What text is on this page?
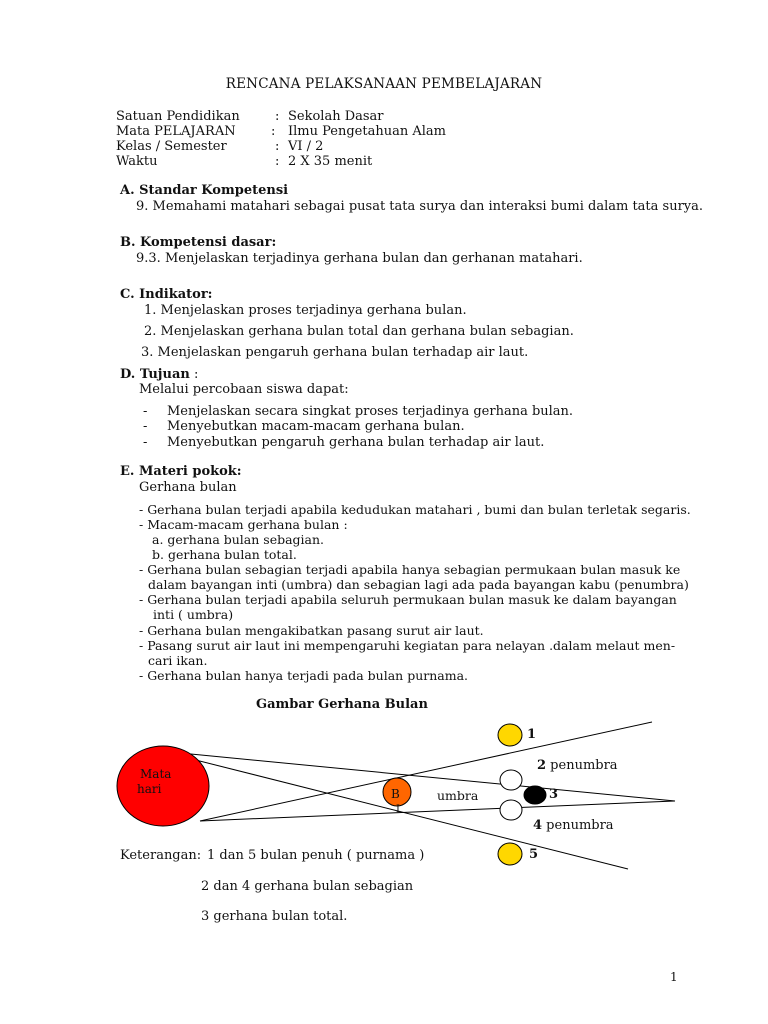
RENCANA PELAKSANAAN PEMBELAJARAN
Satuan Pendidikan	: Sekolah Dasar
Mata PELAJARAN	: Ilmu Pengetahuan Alam
Kelas / Semester	: VI / 2
Waktu	: 2 X 35 menit
A. Standar Kompetensi
9. Memahami matahari sebagai pusat tata surya dan interaksi bumi dalam tata surya.
B. Kompetensi dasar:
9.3. Menjelaskan terjadinya gerhana bulan dan gerhanan matahari.
C. Indikator:
1. Menjelaskan proses terjadinya gerhana bulan.
2. Menjelaskan gerhana bulan total dan gerhana bulan sebagian.
3. Menjelaskan pengaruh gerhana bulan terhadap air laut.
D. Tujuan :
Melalui percobaan siswa dapat:
- Menjelaskan secara singkat proses terjadinya gerhana bulan.
- Menyebutkan macam-macam gerhana bulan.
- Menyebutkan pengaruh gerhana bulan terhadap air laut.
E. Materi pokok:
Gerhana bulan
- Gerhana bulan terjadi apabila kedudukan matahari , bumi dan bulan terletak segaris.
- Macam-macam gerhana bulan :
a. gerhana bulan sebagian.
b. gerhana bulan total.
- Gerhana bulan sebagian terjadi apabila hanya sebagian permukaan bulan masuk ke
dalam bayangan inti (umbra) dan sebagian lagi ada pada bayangan kabu (penumbra)
- Gerhana bulan terjadi apabila seluruh permukaan bulan masuk ke dalam bayangan
inti ( umbra)
- Gerhana bulan mengakibatkan pasang surut air laut.
- Pasang surut air laut ini mempengaruhi kegiatan para nelayan .dalam melaut men-
cari ikan.
- Gerhana bulan hanya terjadi pada bulan purnama.
Gambar Gerhana Bulan
Mata
hari	B
I
umbra
1
2 penumbra
3
4 penumbra
5
Keterangan: 1 dan 5 bulan penuh ( purnama )
2 dan 4 gerhana bulan sebagian
3 gerhana bulan total.
1
